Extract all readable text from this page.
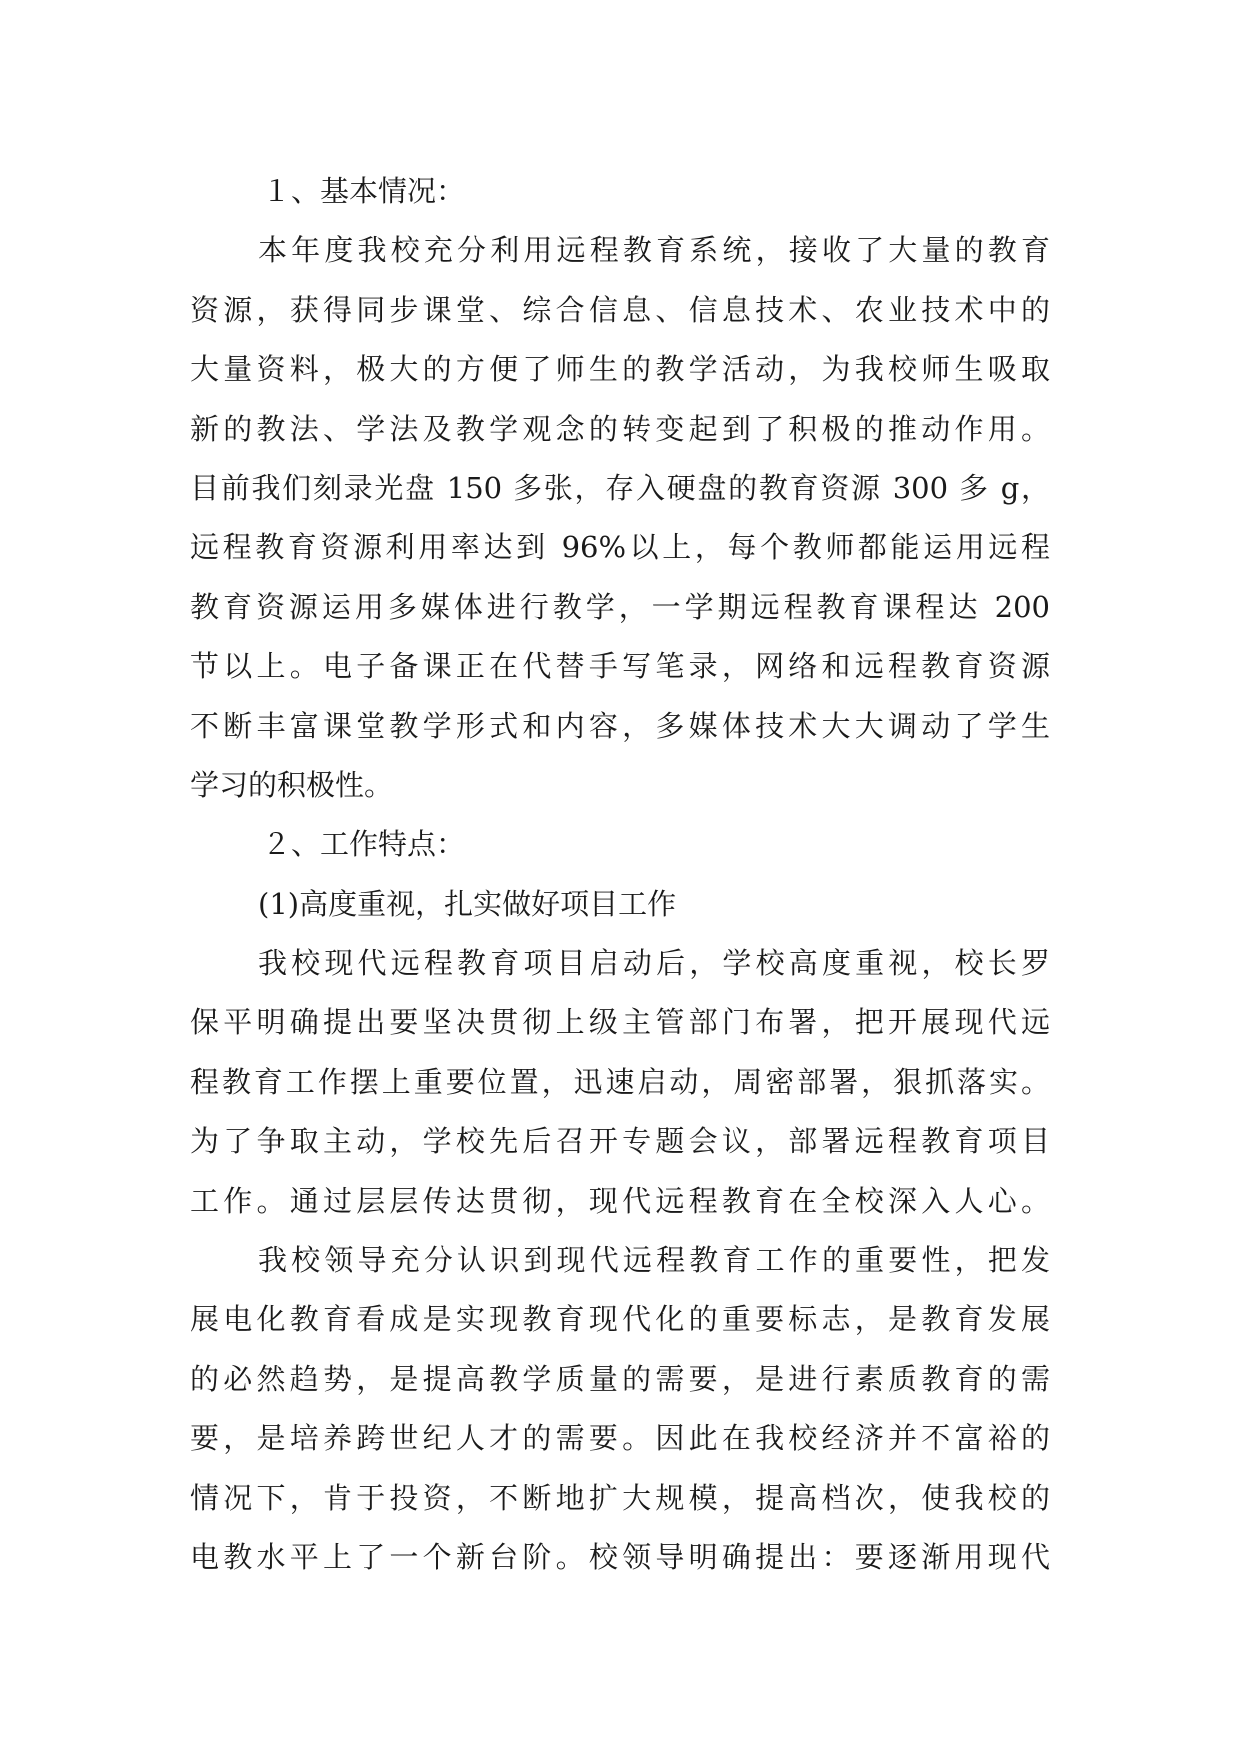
１、基本情况：
本年度我校充分利用远程教育系统，接收了大量的教育
资源，获得同步课堂、综合信息、信息技术、农业技术中的
大量资料，极大的方便了师生的教学活动，为我校师生吸取
新的教法、学法及教学观念的转变起到了积极的推动作用。
目前我们刻录光盘 150 多张，存入硬盘的教育资源 300 多 g，
远程教育资源利用率达到 96%以上，每个教师都能运用远程
教育资源运用多媒体进行教学，一学期远程教育课程达 200
节以上。电子备课正在代替手写笔录，网络和远程教育资源
不断丰富课堂教学形式和内容，多媒体技术大大调动了学生
学习的积极性。
２、工作特点：
(1)高度重视，扎实做好项目工作
我校现代远程教育项目启动后，学校高度重视，校长罗
保平明确提出要坚决贯彻上级主管部门布署，把开展现代远
程教育工作摆上重要位置，迅速启动，周密部署，狠抓落实。
为了争取主动，学校先后召开专题会议，部署远程教育项目
工作。通过层层传达贯彻，现代远程教育在全校深入人心。
我校领导充分认识到现代远程教育工作的重要性，把发
展电化教育看成是实现教育现代化的重要标志，是教育发展
的必然趋势，是提高教学质量的需要，是进行素质教育的需
要，是培养跨世纪人才的需要。因此在我校经济并不富裕的
情况下，肯于投资，不断地扩大规模，提高档次，使我校的
电教水平上了一个新台阶。校领导明确提出：要逐渐用现代
